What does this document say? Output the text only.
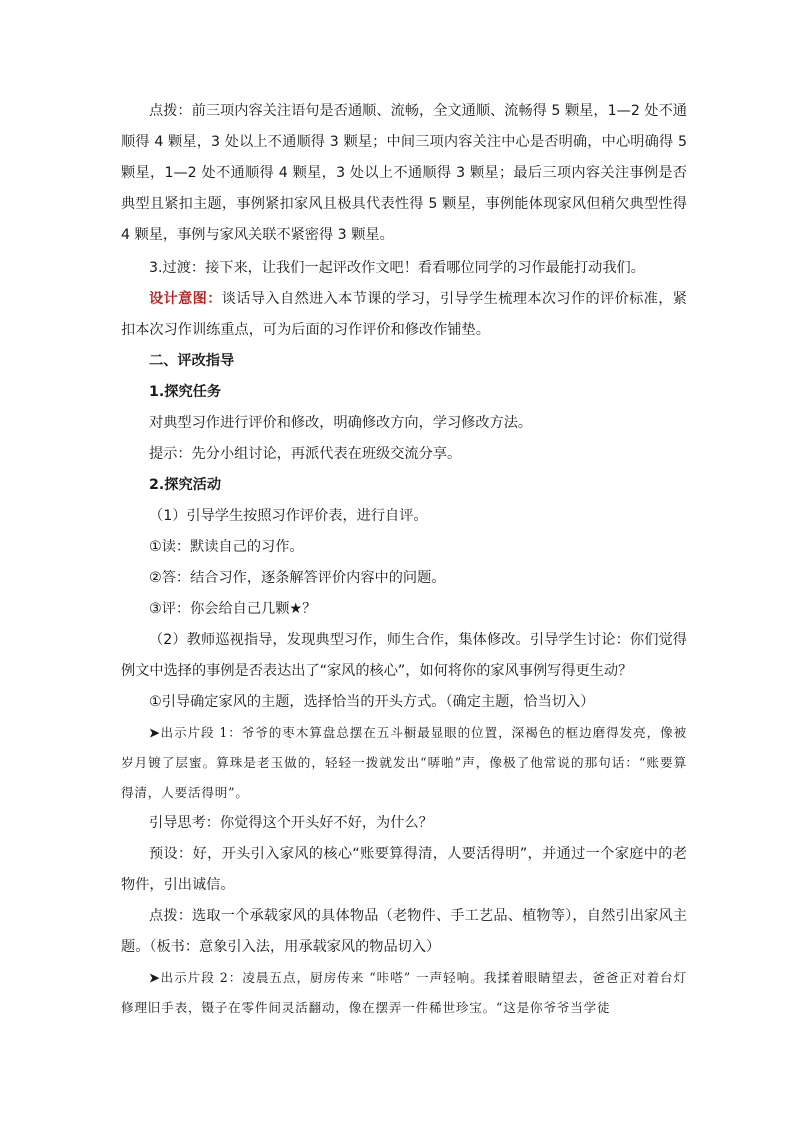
点拨：前三项内容关注语句是否通顺、流畅，全文通顺、流畅得 5 颗星，1—2 处不通顺得 4 颗星，3 处以上不通顺得 3 颗星；中间三项内容关注中心是否明确，中心明确得 5 颗星，1—2 处不通顺得 4 颗星，3 处以上不通顺得 3 颗星；最后三项内容关注事例是否典型且紧扣主题，事例紧扣家风且极具代表性得 5 颗星，事例能体现家风但稍欠典型性得 4 颗星，事例与家风关联不紧密得 3 颗星。

3.过渡：接下来，让我们一起评改作文吧！看看哪位同学的习作最能打动我们。

设计意图：谈话导入自然进入本节课的学习，引导学生梳理本次习作的评价标准，紧扣本次习作训练重点，可为后面的习作评价和修改作铺垫。

二、评改指导

1.探究任务

对典型习作进行评价和修改，明确修改方向，学习修改方法。

提示：先分小组讨论，再派代表在班级交流分享。

2.探究活动

（1）引导学生按照习作评价表，进行自评。

①读：默读自己的习作。

②答：结合习作，逐条解答评价内容中的问题。

③评：你会给自己几颗★？

（2）教师巡视指导，发现典型习作，师生合作，集体修改。引导学生讨论：你们觉得例文中选择的事例是否表达出了“家风的核心”，如何将你的家风事例写得更生动？

①引导确定家风的主题，选择恰当的开头方式。（确定主题，恰当切入）

➤出示片段 1：爷爷的枣木算盘总摆在五斗橱最显眼的位置，深褐色的框边磨得发亮，像被岁月镀了层蜜。算珠是老玉做的，轻轻一拨就发出“哢啪”声，像极了他常说的那句话：“账要算得清，人要活得明”。

引导思考：你觉得这个开头好不好，为什么？

预设：好，开头引入家风的核心“账要算得清，人要活得明”，并通过一个家庭中的老物件，引出诚信。

点拨：选取一个承载家风的具体物品（老物件、手工艺品、植物等），自然引出家风主题。（板书：意象引入法，用承载家风的物品切入）

➤出示片段 2：凌晨五点，厨房传来 “咔嗒” 一声轻响。我揉着眼睛望去，爸爸正对着台灯修理旧手表，镊子在零件间灵活翻动，像在摆弄一件稀世珍宝。“这是你爷爷当学徒
